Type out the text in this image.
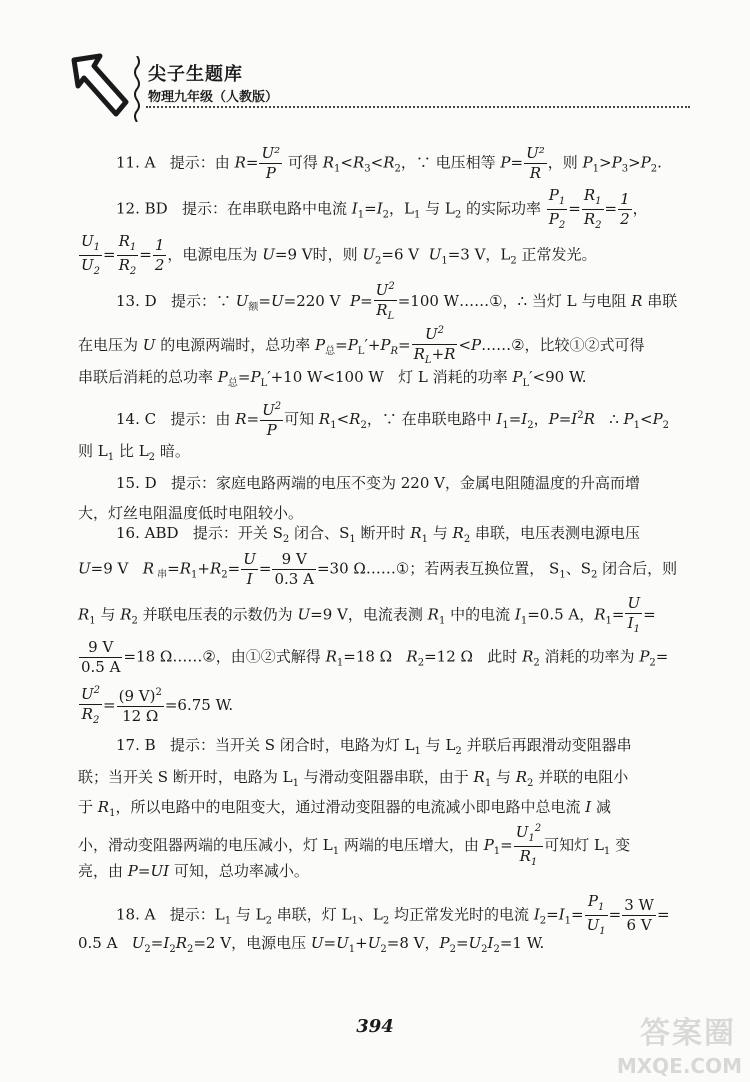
尖子生题库
物理九年级（人教版）
11. A 提示：由 $R= \frac{\text{U²}}{P}$ 可得 $R_1<R_3<R_2$，∵ 电压相等 $P= \frac{\text{U²}}{R}$ ，则 $P_1>P_3>P_2$.
12. BD 提示：在串联电路中电流 $I_1=I_2$，$L_1$ 与 $L_2$ 的实际功率 $\frac{P_1}{P_2} = \frac{R_1}{R_2} = \frac{1}{2}$ ，
$\frac{U_1}{U_2} = \frac{R_1}{R_2} = \frac{1}{2}$ ，电源电压为 U=9 V时，则 $U_2=6$ V  $U_1=3$ V，$L_2$ 正常发光。
13. D 提示：∵ $U_额=U=220$ V  $P= \frac{U^2}{R_L} =100$ W……①，∴ 当灯 L 与电阻 R 串联
在电压为 U 的电源两端时，总功率 $P_总=P_L'+P_R= \frac{U^2}{R_L+R}$ <P……②，比较①②式可得
串联后消耗的总功率 $P_总=P_L'+10$ W<100 W   灯 L 消耗的功率 $P_L'<90$ W.
14. C 提示：由 $R= \frac{U^2}{P}$ 可知 $R_1<R_2$，∵ 在串联电路中 $I_1=I_2$，$P=I^2R$   ∴ $P_1<P_2$
则 $L_1$ 比 $L_2$ 暗。
15. D 提示：家庭电路两端的电压不变为 220 V，金属电阻随温度的升高而增
大，灯丝电阻温度低时电阻较小。
16. ABD 提示：开关 $S_2$ 闭合、$S_1$ 断开时 $R_1$ 与 $R_2$ 串联，电压表测电源电压
U=9 V   R $_串=R_1+R_2= \frac{U}{I} = \frac{9 V}{0.3 A} =30$ Ω……①；若两表互换位置， $S_1$、$S_2$ 闭合后，则
$R_1$ 与 $R_2$ 并联电压表的示数仍为 U=9 V，电流表测 $R_1$ 中的电流 $I_1=0.5$ A，$R_1= \frac{U}{I_1}$ =
$\frac{9 V}{0.5 A} =18$ Ω……②，由①②式解得 $R_1=18$ Ω   $R_2=12$ Ω   此时 $R_2$ 消耗的功率为 $P_2=$
$\frac{U^2}{R_2} = \frac{(9 V)^2}{12 \Omega} =6.75$ W.
17. B 提示：当开关 S 闭合时，电路为灯 $L_1$ 与 $L_2$ 并联后再跟滑动变阻器串
联；当开关 S 断开时，电路为 $L_1$ 与滑动变阻器串联，由于 $R_1$ 与 $R_2$ 并联的电阻小
于 $R_1$，所以电路中的电阻变大，通过滑动变阻器的电流减小即电路中总电流 I 减
小，滑动变阻器两端的电压减小，灯 $L_1$ 两端的电压增大，由 $P_1= \frac{U_1^2}{R_1}$ 可知灯 $L_1$ 变
亮，由 P=UI 可知，总功率减小。
18. A 提示：$L_1$ 与 $L_2$ 串联，灯 $L_1$、$L_2$ 均正常发光时的电流 $I_2=I_1= \frac{P_1}{U_1} = \frac{3 W}{6 V}$ =
0.5 A   $U_2=I_2R_2=2$ V，电源电压 $U=U_1+U_2=8$ V，$P_2=U_2I_2=1$ W.
394	答案圈
MXQE.COM
